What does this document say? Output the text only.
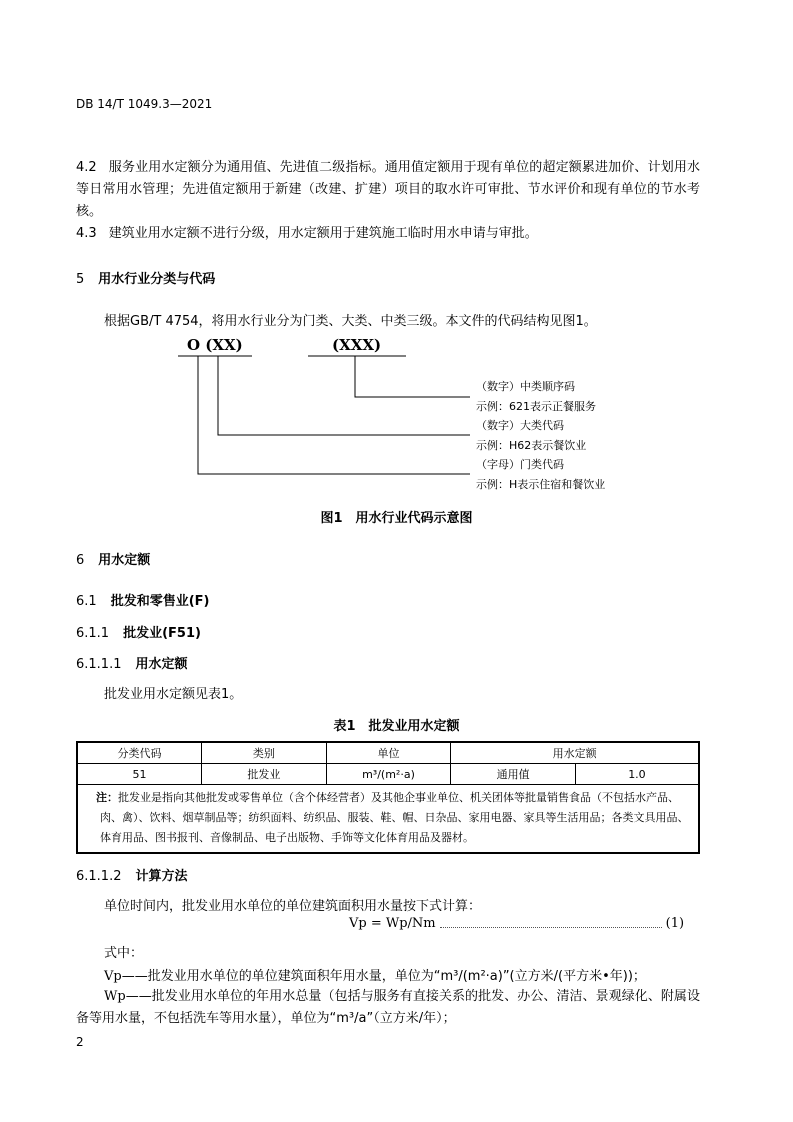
DB 14/T 1049.3—2021
4.2 服务业用水定额分为通用值、先进值二级指标。通用值定额用于现有单位的超定额累进加价、计划用水等日常用水管理；先进值定额用于新建（改建、扩建）项目的取水许可审批、节水评价和现有单位的节水考核。
4.3 建筑业用水定额不进行分级，用水定额用于建筑施工临时用水申请与审批。
5 用水行业分类与代码
根据GB/T 4754，将用水行业分为门类、大类、中类三级。本文件的代码结构见图1。
O (XX)	(XXX)
（数字）中类顺序码
示例：621表示正餐服务
（数字）大类代码
示例：H62表示餐饮业
（字母）门类代码
示例：H表示住宿和餐饮业
图1　用水行业代码示意图
6 用水定额
6.1 批发和零售业(F)
6.1.1 批发业(F51)
6.1.1.1 用水定额
批发业用水定额见表1。
表1　批发业用水定额
分类代码	类别	单位	用水定额	
51	批发业	m³/(m²·a)	通用值	1.0
注：批发业是指向其他批发或零售单位（含个体经营者）及其他企事业单位、机关团体等批量销售食品（不包括水产品、肉、禽）、饮料、烟草制品等；纺织面料、纺织品、服装、鞋、帽、日杂品、家用电器、家具等生活用品；各类文具用品、体育用品、图书报刊、音像制品、电子出版物、手饰等文化体育用品及器材。				
6.1.1.2 计算方法
单位时间内，批发业用水单位的单位建筑面积用水量按下式计算：
Vp = Wp/Nm	(1)
式中：
Vp——批发业用水单位的单位建筑面积年用水量，单位为“m³/(m²·a)”(立方米/(平方米•年))；
Wp——批发业用水单位的年用水总量（包括与服务有直接关系的批发、办公、清洁、景观绿化、附属设备等用水量，不包括洗车等用水量），单位为“m³/a”（立方米/年）；
2
